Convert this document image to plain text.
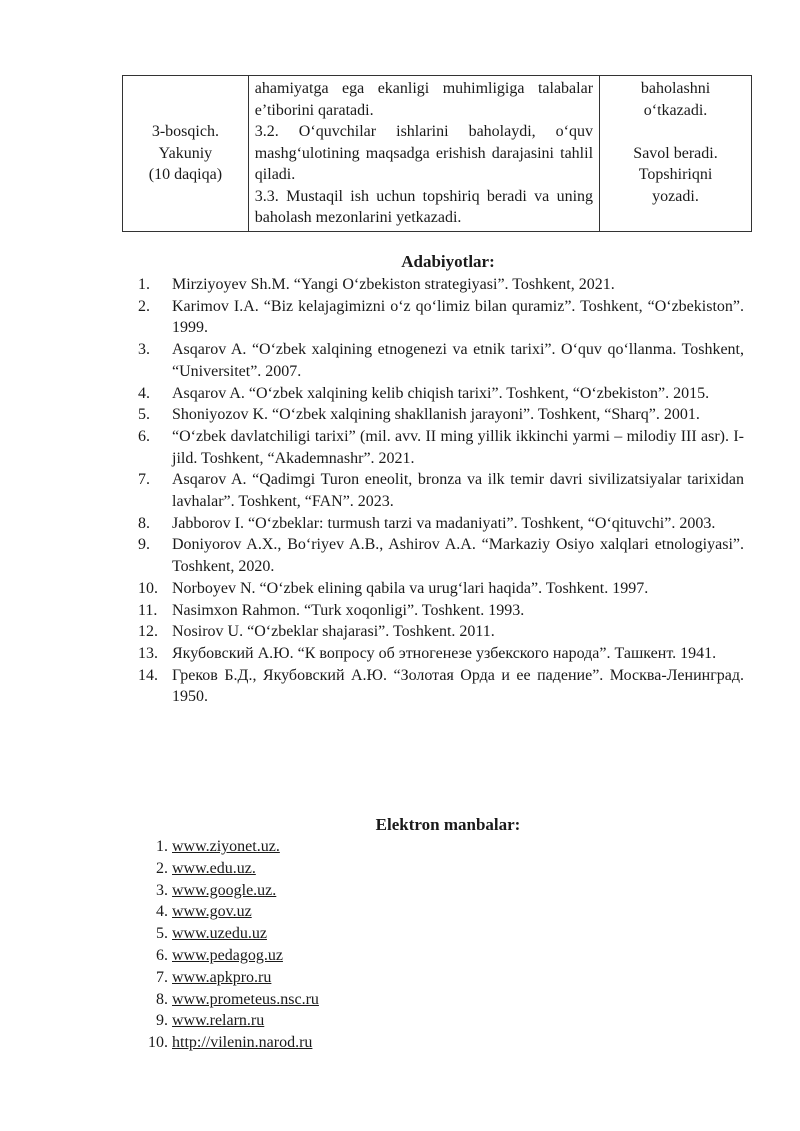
3-bosqich.
Yakuniy
(10 daqiqa)

ahamiyatga ega ekanligi muhimligiga talabalar e’tiborini qaratadi.
3.2. O‘quvchilar ishlarini baholaydi, o‘quv mashg‘ulotining maqsadga erishish darajasini tahlil qiladi.
3.3. Mustaqil ish uchun topshiriq beradi va uning baholash mezonlarini yetkazadi.

baholashni
o‘tkazadi.
Savol beradi.
Topshiriqni
yozadi.
Adabiyotlar:
1. Mirziyoyev Sh.M. “Yangi O‘zbekiston strategiyasi”. Toshkent, 2021.
2. Karimov I.A. “Biz kelajagimizni o‘z qo‘limiz bilan quramiz”. Toshkent, “O‘zbekiston”. 1999.
3. Asqarov A. “O‘zbek xalqining etnogenezi va etnik tarixi”. O‘quv qo‘llanma. Toshkent, “Universitet”. 2007.
4. Asqarov A. “O‘zbek xalqining kelib chiqish tarixi”. Toshkent, “O‘zbekiston”. 2015.
5. Shoniyozov K. “O‘zbek xalqining shakllanish jarayoni”. Toshkent, “Sharq”. 2001.
6. “O‘zbek davlatchiligi tarixi” (mil. avv. II ming yillik ikkinchi yarmi – milodiy III asr). I-jild. Toshkent, “Akademnashr”. 2021.
7. Asqarov A. “Qadimgi Turon eneolit, bronza va ilk temir davri sivilizatsiyalar tarixidan lavhalar”. Toshkent, “FAN”. 2023.
8. Jabborov I. “O‘zbeklar: turmush tarzi va madaniyati”. Toshkent, “O‘qituvchi”. 2003.
9. Doniyorov A.X., Bo‘riyev A.B., Ashirov A.A. “Markaziy Osiyo xalqlari etnologiyasi”. Toshkent, 2020.
10. Norboyev N. “O‘zbek elining qabila va urug‘lari haqida”. Toshkent. 1997.
11. Nasimxon Rahmon. “Turk xoqonligi”. Toshkent. 1993.
12. Nosirov U. “O‘zbeklar shajarasi”. Toshkent. 2011.
13. Якубовский А.Ю. “К вопросу об этногенезе узбекского народа”. Ташкент. 1941.
14. Греков Б.Д., Якубовский А.Ю. “Золотая Орда и ее падение”. Москва-Ленинград. 1950.
Elektron manbalar:
1. www.ziyonet.uz.
2. www.edu.uz.
3. www.google.uz.
4. www.gov.uz
5. www.uzedu.uz
6. www.pedagog.uz
7. www.apkpro.ru
8. www.prometeus.nsc.ru
9. www.relarn.ru
10. http://vilenin.narod.ru
